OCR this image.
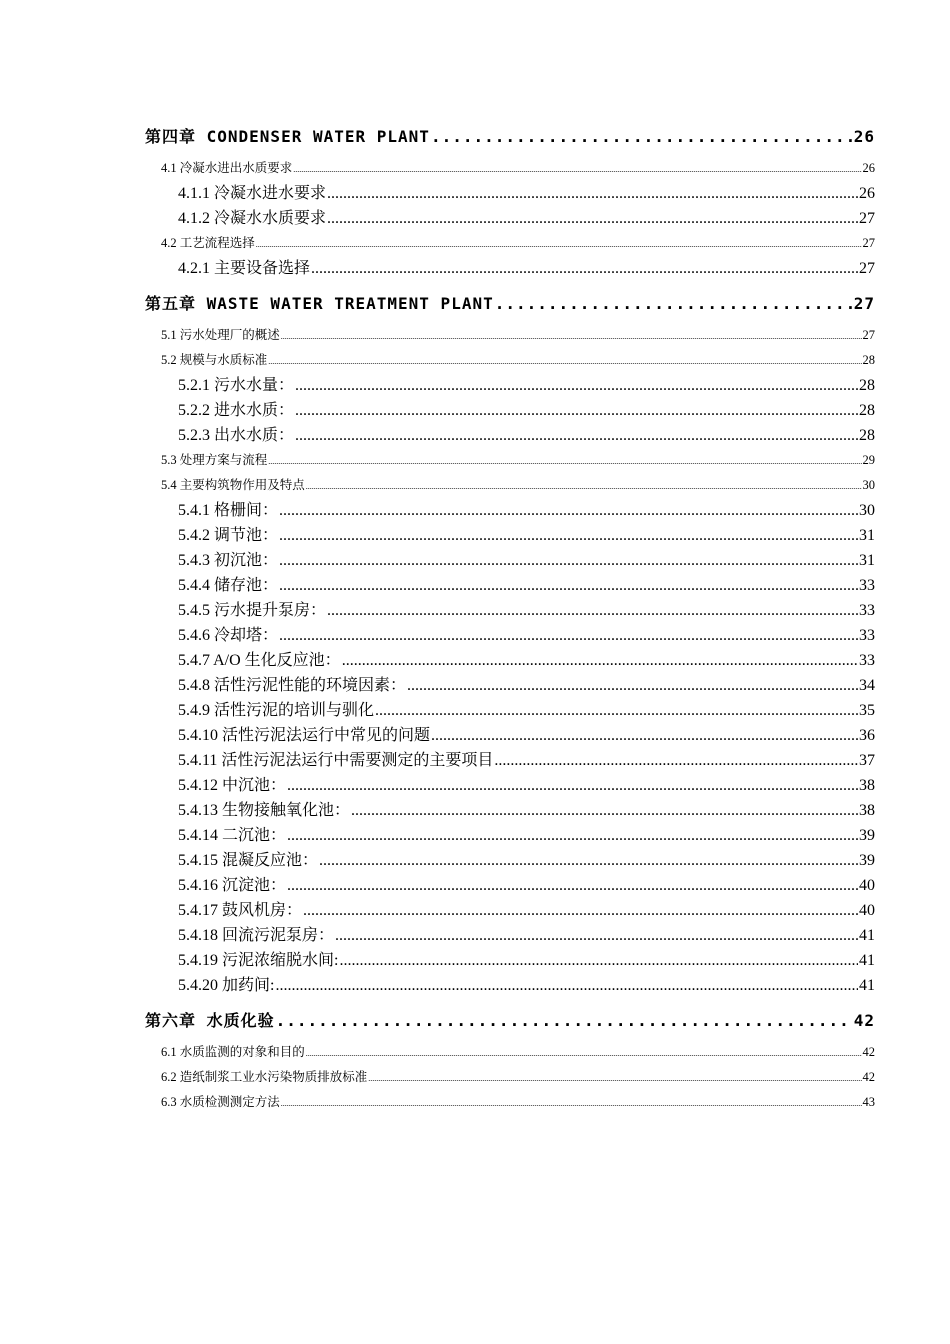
第四章 CONDENSER WATER PLANT .....	26
4.1 冷凝水进出水质要求 .....	26
4.1.1 冷凝水进水要求 .....	26
4.1.2 冷凝水水质要求 .....	27
4.2 工艺流程选择 .....	27
4.2.1 主要设备选择 .....	27
第五章 WASTE WATER TREATMENT PLANT .....	27
5.1 污水处理厂的概述 .....	27
5.2 规模与水质标准 .....	28
5.2.1 污水水量： .....	28
5.2.2 进水水质： .....	28
5.2.3 出水水质： .....	28
5.3 处理方案与流程 .....	29
5.4 主要构筑物作用及特点 .....	30
5.4.1 格栅间： .....	30
5.4.2 调节池： .....	31
5.4.3 初沉池： .....	31
5.4.4 储存池： .....	33
5.4.5 污水提升泵房： .....	33
5.4.6 冷却塔： .....	33
5.4.7 A/O 生化反应池： .....	33
5.4.8 活性污泥性能的环境因素： .....	34
5.4.9 活性污泥的培训与驯化 .....	35
5.4.10 活性污泥法运行中常见的问题 .....	36
5.4.11 活性污泥法运行中需要测定的主要项目 .....	37
5.4.12 中沉池： .....	38
5.4.13 生物接触氧化池： .....	38
5.4.14 二沉池： .....	39
5.4.15 混凝反应池： .....	39
5.4.16 沉淀池： .....	40
5.4.17 鼓风机房： .....	40
5.4.18 回流污泥泵房： .....	41
5.4.19 污泥浓缩脱水间: .....	41
5.4.20 加药间: .....	41
第六章 水质化验 .....	42
6.1 水质监测的对象和目的 .....	42
6.2 造纸制浆工业水污染物质排放标准 .....	42
6.3 水质检测测定方法 .....	43
